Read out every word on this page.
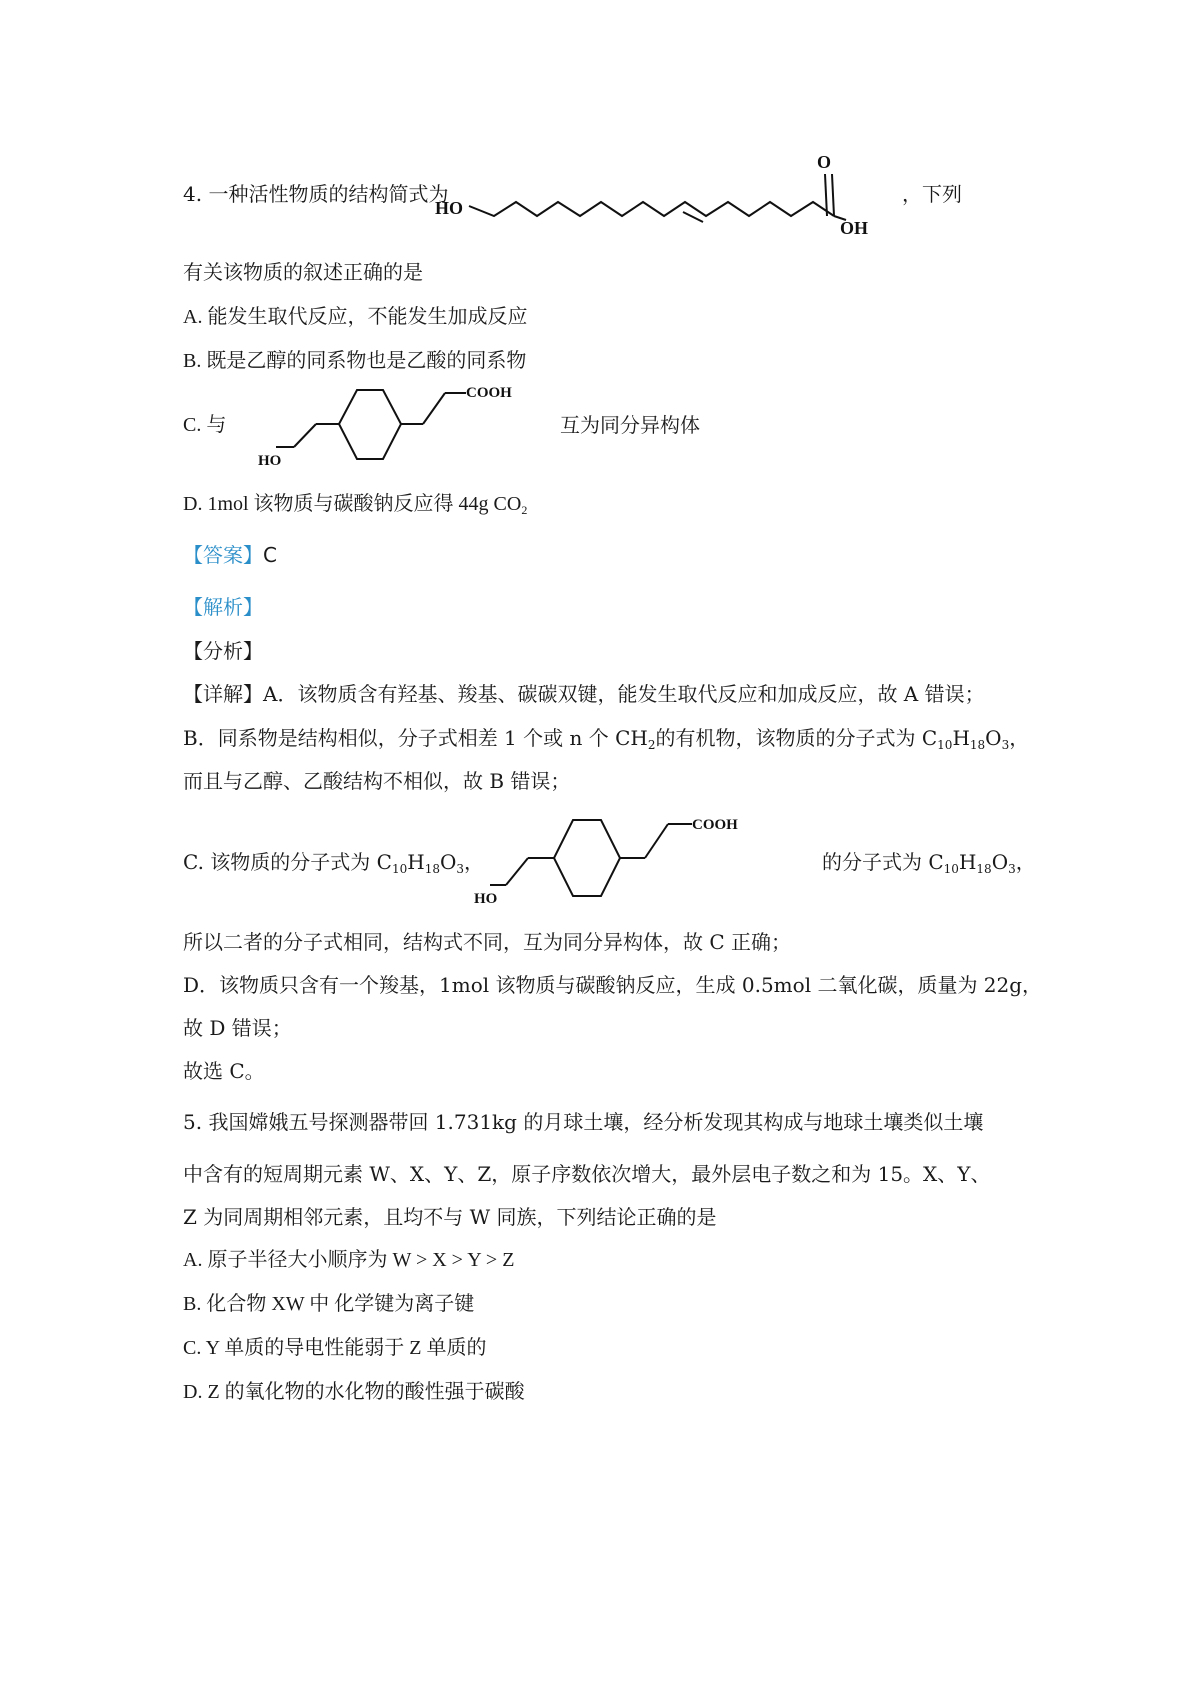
4. 一种活性物质的结构简式为
HO
O
OH
，下列
有关该物质的叙述正确的是
A. 能发生取代反应，不能发生加成反应
B. 既是乙醇的同系物也是乙酸的同系物
C. 与
HO
COOH
互为同分异构体
D. 1mol 该物质与碳酸钠反应得 44g $CO_2$
【答案】C
【解析】
【分析】
【详解】A．该物质含有羟基、羧基、碳碳双键，能发生取代反应和加成反应，故 A 错误；
B．同系物是结构相似，分子式相差 1 个或 n 个 $CH_2$的有机物，该物质的分子式为 $C_{10}H_{18}O_3$，
而且与乙醇、乙酸结构不相似，故 B 错误；
C. 该物质的分子式为 $C_{10}H_{18}O_3$，
HO
COOH
的分子式为 $C_{10}H_{18}O_3$，
所以二者的分子式相同，结构式不同，互为同分异构体，故 C 正确；
D．该物质只含有一个羧基，1mol 该物质与碳酸钠反应，生成 0.5mol 二氧化碳，质量为 22g，
故 D 错误；
故选 C。
5. 我国嫦娥五号探测器带回 1.731kg 的月球土壤，经分析发现其构成与地球土壤类似土壤
中含有的短周期元素 W、X、Y、Z，原子序数依次增大，最外层电子数之和为 15。X、Y、
Z 为同周期相邻元素，且均不与 W 同族，下列结论正确的是
A. 原子半径大小顺序为 W > X > Y > Z
B. 化合物 XW 中 化学键为离子键
C. Y 单质的导电性能弱于 Z 单质的
D. Z 的氧化物的水化物的酸性强于碳酸
